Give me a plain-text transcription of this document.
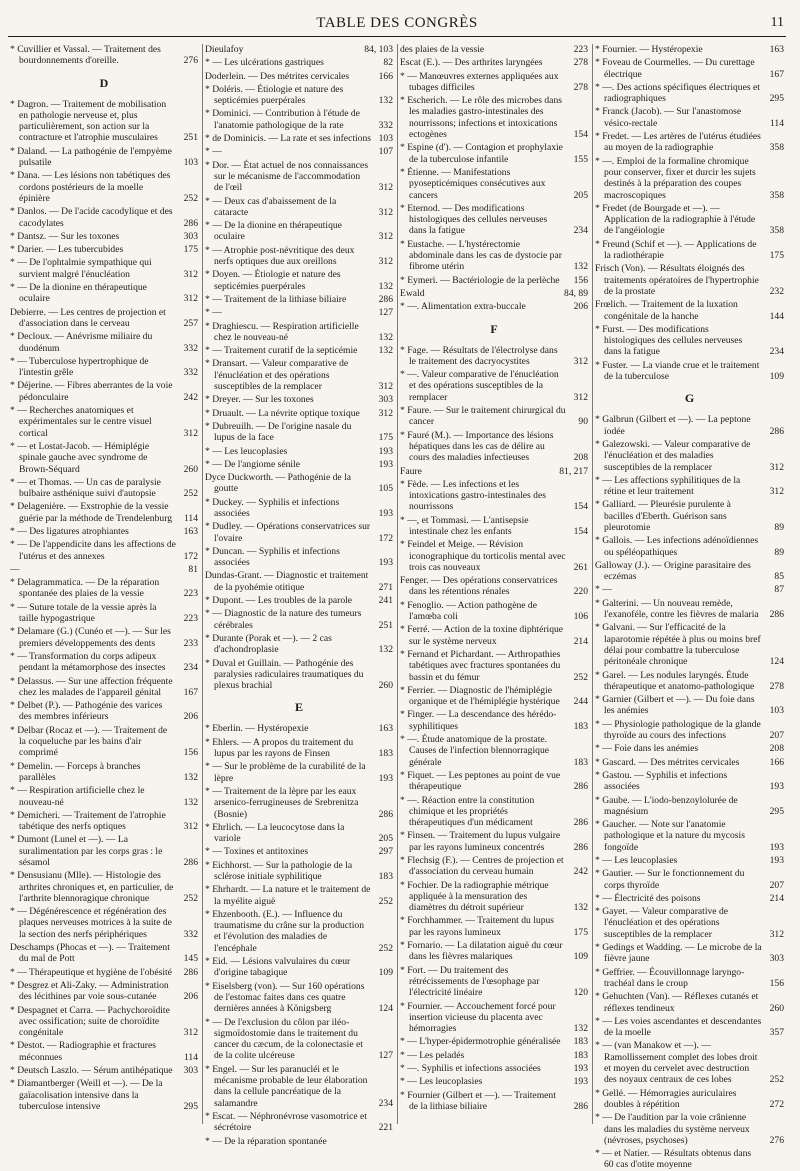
TABLE DES CONGRÈS	11
* Cuvillier et Vassal. — Traitement des bourdonnements d'oreille.	276
D
* Dagron. — Traitement de mobilisation en pathologie nerveuse et, plus particulièrement, son action sur la contracture et l'atrophie musculaires	251
* Daland. — La pathogénie de l'empyème pulsatile	103
* Dana. — Les lésions non tabétiques des cordons postérieurs de la moelle épinière	252
* Danlos. — De l'acide cacodylique et des cacodylates	286
* Dantsz. — Sur les toxones	303
* Darier. — Les tubercubides	175
* — De l'ophtalmie sympathique qui survient malgré l'énucléation	312
* — De la dionine en thérapeutique oculaire	312
Debierre. — Les centres de projection et d'association dans le cerveau	257
* Decloux. — Anévrisme miliaire du duodénum	332
* — Tuberculose hypertrophique de l'intestin grêle	332
* Déjerine. — Fibres aberrantes de la voie pédonculaire	242
* — Recherches anatomiques et expérimentales sur le centre visuel cortical	312
* — et Lostat-Jacob. — Hémiplégie spinale gauche avec syndrome de Brown-Séquard	260
* — et Thomas. — Un cas de paralysie bulbaire asthénique suivi d'autopsie	252
* Delagenière. — Exstrophie de la vessie guérie par la méthode de Trendelenburg 114
* — Des ligatures atrophiantes	163
* — De l'appendicite dans les affections de l'utérus et des annexes	172
—	81
* Delagrammatica. — De la réparation spontanée des plaies de la vessie	223
* — Suture totale de la vessie après la taille hypogastrique	223
* Delamare (G.) (Cunéo et —). — Sur les premiers développements des dents	233
* — Transformation du corps adipeux pendant la métamorphose des insectes 234
* Delassus. — Sur une affection fréquente chez les malades de l'appareil génital 167
* Delbet (P.). — Pathogénie des varices des membres inférieurs	206
* Delbar (Rocaz et —). — Traitement de la coqueluche par les bains d'air comprimé	156
* Demelin. — Forceps à branches parallèles	132
* — Respiration artificielle chez le nouveau-né	132
* Demicheri. — Traitement de l'atrophie tabétique des nerfs optiques	312
* Dumont (Lunel et —). — La suralimentation par les corps gras : le sésamol	286
* Densusianu (Mlle). — Histologie des arthrites chroniques et, en particulier, de l'arthrite blennoragique chronique	252
* — Dégénérescence et régénération des plaques nerveuses motrices à la suite de la section des nerfs périphériques	332
Deschamps (Phocas et —). — Traitement du mal de Pott	145
* — Thérapeutique et hygiène de l'obésité 286
* Desgrez et Ali-Zaky. — Administration des lécithines par voie sous-cutanée	206
* Despagnet et Carra. — Pachychoroïdite avec ossification; suite de choroïdite congénitale	312
* Destot. — Radiographie et fractures méconnues	114
* Deutsch Laszlo. — Sérum antihépatique 303
* Diamantberger (Weill et —). — De la gaïacolisation intensive dans la tuberculose intensive	295
Dieulafoy	84, 103
* — Les ulcérations gastriques	82
Doderlein. — Des métrites cervicales	166
* Doléris. — Étiologie et nature des septicémies puerpérales	132
* Dominici. — Contribution à l'étude de l'anatomie pathologique de la rate	332
* de Dominicis. — La rate et ses infections 103
* —	107
* Dor. — État actuel de nos connaissances sur le mécanisme de l'accommodation de l'œil	312
* — Deux cas d'abaissement de la cataracte	312
* — De la dionine en thérapeutique oculaire	312
* — Atrophie post-névritique des deux nerfs optiques due aux oreillons	312
* Doyen. — Étiologie et nature des septicémies puerpérales	132
* — Traitement de la lithiase biliaire	286
* —	127
* Draghiescu. — Respiration artificielle chez le nouveau-né	132
* — Traitement curatif de la septicémie 132
* Dransart. — Valeur comparative de l'énucléation et des opérations susceptibles de la remplacer	312
* Dreyer. — Sur les toxones	303
* Druault. — La névrite optique toxique 312
* Dubreuilh. — De l'origine nasale du lupus de la face	175
* — Les leucoplasies	193
* — De l'angiome sénile	193
Dyce Duckworth. — Pathogénie de la goutte	105
* Duckey. — Syphilis et infections associées	193
* Dudley. — Opérations conservatrices sur l'ovaire	172
* Duncan. — Syphilis et infections associées	193
Dundas-Grant. — Diagnostic et traitement de la pyohémie otitique	271
* Dupont. — Les troubles de la parole	241
* — Diagnostic de la nature des tumeurs cérébrales	251
* Durante (Porak et —). — 2 cas d'achondroplasie	132
* Duval et Guillain. — Pathogénie des paralysies radiculaires traumatiques du plexus brachial	260
E
* Eberlin. — Hystéropexie	163
* Ehlers. — A propos du traitement du lupus par les rayons de Finsen	183
* — Sur le problème de la curabilité de la lèpre	193
* — Traitement de la lèpre par les eaux arsenico-ferrugineuses de Srebrenitza (Bosnie)	286
* Ehrlich. — La leucocytose dans la variole	205
* — Toxines et antitoxines	297
* Eichhorst. — Sur la pathologie de la sclérose initiale syphilitique	183
* Ehrhardt. — La nature et le traitement de la myélite aiguë	252
* Ehzenbooth. (E.). — Influence du traumatisme du crâne sur la production et l'évolution des maladies de l'encéphale	252
* Eid. — Lésions valvulaires du cœur d'origine tabagique	109
* Eiselsberg (von). — Sur 160 opérations de l'estomac faites dans ces quatre dernières années à Königsberg	124
* — De l'exclusion du côlon par iléo-sigmoïdostomie dans le traitement du cancer du cæcum, de la colonectasie et de la colite ulcéreuse	127
* Engel. — Sur les paranucléi et le mécanisme probable de leur élaboration dans la cellule pancréatique de la salamandre	234
* Escat. — Néphronévrose vasomotrice et sécrétoire	221
* — De la réparation spontanée
des plaies de la vessie	223
Escat (E.). — Des arthrites laryngées	278
* — Manœuvres externes appliquées aux tubages difficiles	278
* Escherich. — Le rôle des microbes dans les maladies gastro-intestinales des nourrissons; infections et intoxications ectogènes	154
* Espine (d'). — Contagion et prophylaxie de la tuberculose infantile	155
* Étienne. — Manifestations pyosepticémiques consécutives aux cancers	205
* Eternod. — Des modifications histologiques des cellules nerveuses dans la fatigue	234
* Eustache. — L'hystérectomie abdominale dans les cas de dystocie par fibrome utérin	132
* Eymeri. — Bactériologie de la perlèche 156
Ewald	84, 89
* —. Alimentation extra-buccale	206
F
* Fage. — Résultats de l'électrolyse dans le traitement des dacryocystites	312
* —. Valeur comparative de l'énucléation et des opérations susceptibles de la remplacer	312
* Faure. — Sur le traitement chirurgical du cancer	90
* Fauré (M.). — Importance des lésions hépatiques dans les cas de délire au cours des maladies infectieuses	208
Faure	81, 217
* Fède. — Les infections et les intoxications gastro-intestinales des nourrissons	154
* —, et Tommasi. — L'antisepsie intestinale chez les enfants	154
* Feindel et Meige. — Révision iconographique du torticolis mental avec trois cas nouveaux	261
Fenger. — Des opérations conservatrices dans les rétentions rénales	220
* Fenoglio. — Action pathogène de l'amœba coli	106
* Ferré. — Action de la toxine diphtérique sur le système nerveux	214
* Fernand et Pichardant. — Arthropathies tabétiques avec fractures spontanées du bassin et du fémur	252
* Ferrier. — Diagnostic de l'hémiplégie organique et de l'hémiplégie hystérique 244
* Finger. — La descendance des hérédo-syphilitiques	183
* —. Étude anatomique de la prostate. Causes de l'infection blennorragique générale	183
* Fiquet. — Les peptones au point de vue thérapeutique	286
* —. Réaction entre la constitution chimique et les propriétés thérapeutiques d'un médicament	286
* Finsen. — Traitement du lupus vulgaire par les rayons lumineux concentrés	286
* Flechsig (F.). — Centres de projection et d'association du cerveau humain	242
* Fochier. De la radiographie métrique appliquée à la mensuration des diamètres du détroit supérieur	132
* Forchhammer. — Traitement du lupus par les rayons lumineux	175
* Fornario. — La dilatation aiguë du cœur dans les fièvres malariques	109
* Fort. — Du traitement des rétrécissements de l'œsophage par l'électricité linéaire	120
* Fournier. — Accouchement forcé pour insertion vicieuse du placenta avec hémorragies	132
* — L'hyper-épidermotrophie généralisée 183
* — Les peladés	183
* —. Syphilis et infections associées	193
* — Les leucoplasies	193
* Fournier (Gilbert et —). — Traitement de la lithiase biliaire	286
* Fournier. — Hystéropexie	163
* Foveau de Courmelles. — Du curettage électrique	167
* —. Des actions spécifiques électriques et radiographiques	295
* Franck (Jacob). — Sur l'anastomose vésico-rectale	114
* Fredet. — Les artères de l'utérus étudiées au moyen de la radiographie	358
* —. Emploi de la formaline chromique pour conserver, fixer et durcir les sujets destinés à la préparation des coupes macroscopiques	358
* Fredet (de Bourgade et —). — Application de la radiographie à l'étude de l'angéiologie	358
* Freund (Schif et —). — Applications de la radiothérapie	175
Frisch (Von). — Résultats éloignés des traitements opératoires de l'hypertrophie de la prostate	232
Frœlich. — Traitement de la luxation congénitale de la hanche	144
* Furst. — Des modifications histologiques des cellules nerveuses dans la fatigue	234
* Fuster. — La viande crue et le traitement de la tuberculose	109
G
* Galbrun (Gilbert et —). — La peptone iodée	286
* Galezowski. — Valeur comparative de l'énucléation et des maladies susceptibles de la remplacer	312
* — Les affections syphilitiques de la rétine et leur traitement	312
* Galliard. — Pleurésie purulente à bacilles d'Eberth. Guérison sans pleurotomie	89
* Gallois. — Les infections adénoïdiennes ou spéléopathiques	89
Galloway (J.). — Origine parasitaire des eczémas	85
* —	87
* Galterini. — Un nouveau remède, l'exanoféle, contre les fièvres de malaria 286
* Galvani. — Sur l'efficacité de la laparotomie répétée à plus ou moins bref délai pour combattre la tuberculose péritonéale chronique	124
* Garel. — Les nodules laryngés. Étude thérapeutique et anatomo-pathologique 278
* Garnier (Gilbert et —). — Du foie dans les anémies	103
* — Physiologie pathologique de la glande thyroïde au cours des infections	207
* — Foie dans les anémies	208
* Gascard. — Des métrites cervicales	166
* Gastou. — Syphilis et infections associées	193
* Gaube. — L'iodo-benzoylolurée de magnésium	295
* Gaucher. — Note sur l'anatomie pathologique et la nature du mycosis fongoïde	193
* — Les leucoplasies	193
* Gautier. — Sur le fonctionnement du corps thyroïde	207
* — Électricité des poisons	214
* Gayet. — Valeur comparative de l'énucléation et des opérations susceptibles de la remplacer	312
* Gedings et Wadding. — Le microbe de la fièvre jaune	303
* Geffrier. — Écouvillonnage laryngo-trachéal dans le croup	156
* Gehuchten (Van). — Réflexes cutanés et réflexes tendineux	260
* — Les voies ascendantes et descendantes de la moelle	357
* — (van Manakow et —). — Ramollissement complet des lobes droit et moyen du cervelet avec destruction des noyaux centraux de ces lobes	252
* Gellé. — Hémorragies auriculaires doubles à répétition	272
* — De l'audition par la voie crânienne dans les maladies du système nerveux (névroses, psychoses)	276
* — et Natier. — Résultats obtenus dans 60 cas d'otite moyenne
